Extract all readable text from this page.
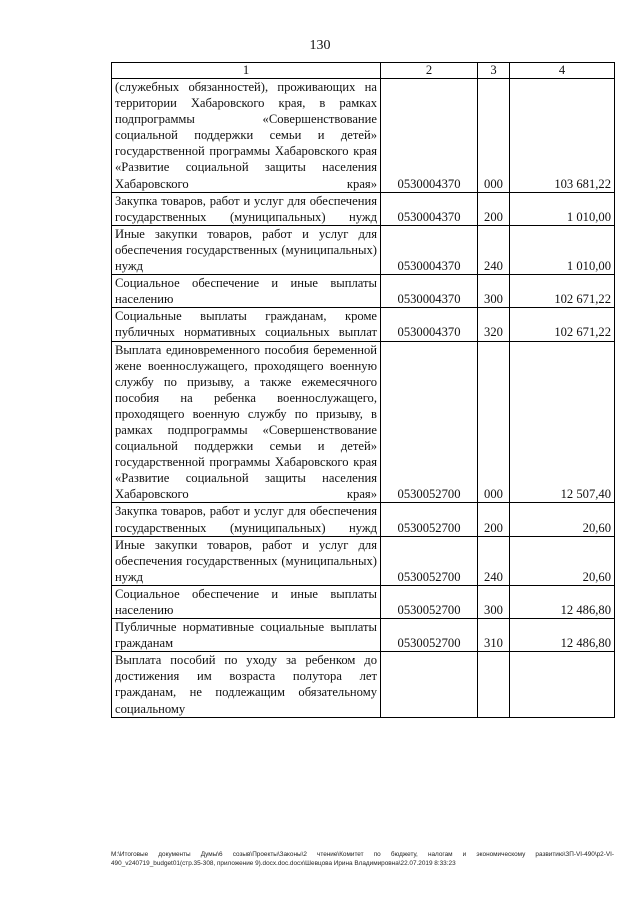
130
1	2	3	4
(служебных обязанностей), проживающих на территории Хабаровского края, в рамках подпрограммы «Совершенствование социальной поддержки семьи и детей» государственной программы Хабаровского края «Развитие социальной защиты населения Хабаровского края»	0530004370	000	103 681,22
Закупка товаров, работ и услуг для обеспечения государственных (муниципальных) нужд	0530004370	200	1 010,00
Иные закупки товаров, работ и услуг для обеспечения государственных (муниципальных) нужд	0530004370	240	1 010,00
Социальное обеспечение и иные выплаты населению	0530004370	300	102 671,22
Социальные выплаты гражданам, кроме публичных нормативных социальных выплат	0530004370	320	102 671,22
Выплата единовременного пособия беременной жене военнослужащего, проходящего военную службу по призыву, а также ежемесячного пособия на ребенка военнослужащего, проходящего военную службу по призыву, в рамках подпрограммы «Совершенствование социальной поддержки семьи и детей» государственной программы Хабаровского края «Развитие социальной защиты населения Хабаровского края»	0530052700	000	12 507,40
Закупка товаров, работ и услуг для обеспечения государственных (муниципальных) нужд	0530052700	200	20,60
Иные закупки товаров, работ и услуг для обеспечения государственных (муниципальных) нужд	0530052700	240	20,60
Социальное обеспечение и иные выплаты населению	0530052700	300	12 486,80
Публичные нормативные социальные выплаты гражданам	0530052700	310	12 486,80
Выплата пособий по уходу за ребенком до достижения им возраста полутора лет гражданам, не подлежащим обязательному социальному			
М:\Итоговые документы Думы\6 созыв\Проекты\Законы\2 чтение\Комитет по бюджету, налогам и экономическому развитию\ЗП-VI-490\р2-VI-490_v240719_budget01(стр.35-308, приложение 9).docx.doc.docx\Шевцова Ирина Владимировна\22.07.2019 8:33:23
